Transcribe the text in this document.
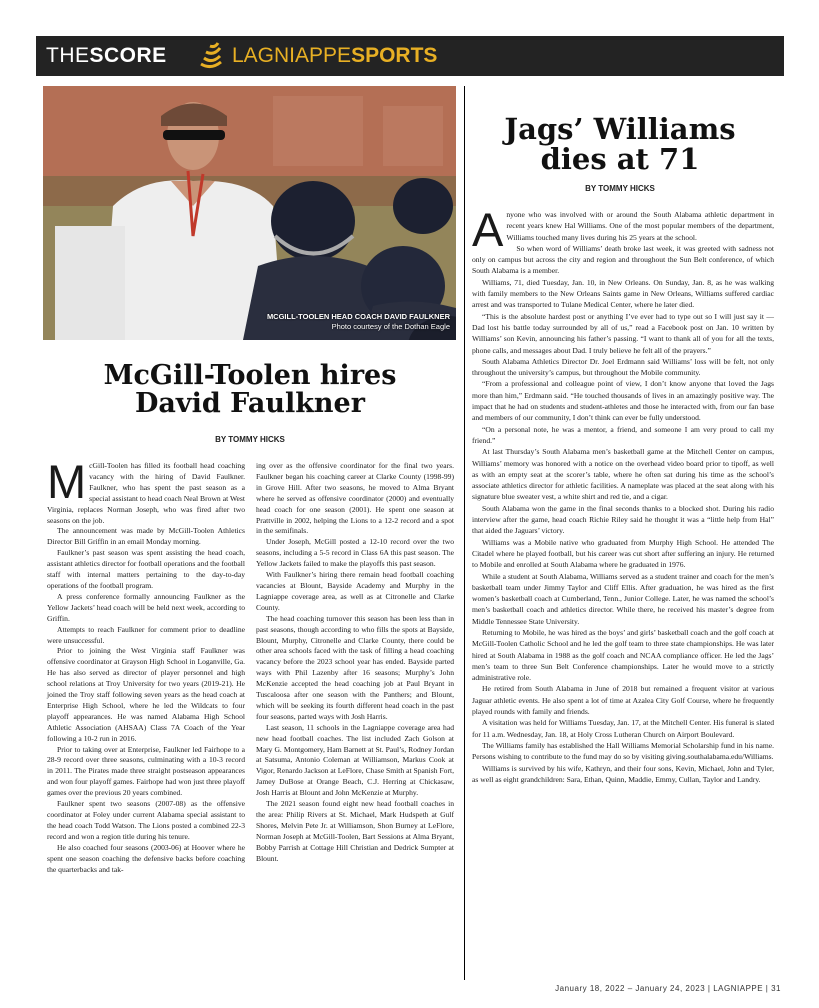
THESCORE	LAGNIAPPESPORTS
MCGILL-TOOLEN HEAD COACH DAVID FAULKNER
Photo courtesy of the Dothan Eagle
McGill-Toolen hires David Faulkner
BY TOMMY HICKS

McGill-Toolen has filled its football head coaching vacancy with the hiring of David Faulkner. Faulkner, who has spent the past season as a special assistant to head coach Neal Brown at West Virginia, replaces Norman Joseph, who was fired after two seasons on the job.

The announcement was made by McGill-Toolen Athletics Director Bill Griffin in an email Monday morning.

Faulkner’s past season was spent assisting the head coach, assistant athletics director for football operations and the football staff with internal matters pertaining to the day-to-day operations of the football program.

A press conference formally announcing Faulkner as the Yellow Jackets’ head coach will be held next week, according to Griffin.

Attempts to reach Faulkner for comment prior to deadline were unsuccessful.

Prior to joining the West Virginia staff Faulkner was offensive coordinator at Grayson High School in Loganville, Ga. He has also served as director of player personnel and high school relations at Troy University for two years (2019-21). He joined the Troy staff following seven years as the head coach at Enterprise High School, where he led the Wildcats to four playoff appearances. He was named Alabama High School Athletic Association (AHSAA) Class 7A Coach of the Year following a 10-2 run in 2016.

Prior to taking over at Enterprise, Faulkner led Fairhope to a 28-9 record over three seasons, culminating with a 10-3 record in 2011. The Pirates made three straight postseason appearances and won four playoff games. Fairhope had won just three playoff games over the previous 20 years combined.

Faulkner spent two seasons (2007-08) as the offensive coordinator at Foley under current Alabama special assistant to the head coach Todd Watson. The Lions posted a combined 22-3 record and won a region title during his tenure.

He also coached four seasons (2003-06) at Hoover where he spent one season coaching the defensive backs before coaching the quarterbacks and tak-

ing over as the offensive coordinator for the final two years. Faulkner began his coaching career at Clarke County (1998-99) in Grove Hill. After two seasons, he moved to Alma Bryant where he served as offensive coordinator (2000) and eventually head coach for one season (2001). He spent one season at Prattville in 2002, helping the Lions to a 12-2 record and a spot in the semifinals.

Under Joseph, McGill posted a 12-10 record over the two seasons, including a 5-5 record in Class 6A this past season. The Yellow Jackets failed to make the playoffs this past season.

With Faulkner’s hiring there remain head football coaching vacancies at Blount, Bayside Academy and Murphy in the Lagniappe coverage area, as well as at Citronelle and Clarke County.

The head coaching turnover this season has been less than in past seasons, though according to who fills the spots at Bayside, Blount, Murphy, Citronelle and Clarke County, there could be other area schools faced with the task of filling a head coaching vacancy before the 2023 school year has ended. Bayside parted ways with Phil Lazenby after 16 seasons; Murphy’s John McKenzie accepted the head coaching job at Paul Bryant in Tuscaloosa after one season with the Panthers; and Blount, which will be seeking its fourth different head coach in the past four seasons, parted ways with Josh Harris.

Last season, 11 schools in the Lagniappe coverage area had new head football coaches. The list included Zach Golson at Mary G. Montgomery, Ham Barnett at St. Paul’s, Rodney Jordan at Satsuma, Antonio Coleman at Williamson, Markus Cook at Vigor, Renardo Jackson at LeFlore, Chase Smith at Spanish Fort, Jamey DuBose at Orange Beach, C.J. Herring at Chickasaw, Josh Harris at Blount and John McKenzie at Murphy.

The 2021 season found eight new head football coaches in the area: Philip Rivers at St. Michael, Mark Hudspeth at Gulf Shores, Melvin Pete Jr. at Williamson, Shon Burney at LeFlore, Norman Joseph at McGill-Toolen, Bart Sessions at Alma Bryant, Bobby Parrish at Cottage Hill Christian and Dedrick Sumpter at Blount.

Jags’ Williams dies at 71
BY TOMMY HICKS

Anyone who was involved with or around the South Alabama athletic department in recent years knew Hal Williams. One of the most popular members of the department, Williams touched many lives during his 25 years at the school.

So when word of Williams’ death broke last week, it was greeted with sadness not only on campus but across the city and region and throughout the Sun Belt conference, of which South Alabama is a member.

Williams, 71, died Tuesday, Jan. 10, in New Orleans. On Sunday, Jan. 8, as he was walking with family members to the New Orleans Saints game in New Orleans, Williams suffered cardiac arrest and was transported to Tulane Medical Center, where he later died.

“This is the absolute hardest post or anything I’ve ever had to type out so I will just say it — Dad lost his battle today surrounded by all of us,” read a Facebook post on Jan. 10 written by Williams’ son Kevin, announcing his father’s passing. “I want to thank all of you for all the texts, phone calls, and messages about Dad. I truly believe he felt all of the prayers.”

South Alabama Athletics Director Dr. Joel Erdmann said Williams’ loss will be felt, not only throughout the university’s campus, but throughout the Mobile community.

“From a professional and colleague point of view, I don’t know anyone that loved the Jags more than him,” Erdmann said. “He touched thousands of lives in an amazingly positive way. The impact that he had on students and student-athletes and those he interacted with, from our fan base and members of our community, I don’t think can ever be fully understood.

“On a personal note, he was a mentor, a friend, and someone I am very proud to call my friend.”

At last Thursday’s South Alabama men’s basketball game at the Mitchell Center on campus, Williams’ memory was honored with a notice on the overhead video board prior to tipoff, as well as with an empty seat at the scorer’s table, where he often sat during his time as the school’s associate athletics director for athletic facilities. A nameplate was placed at the seat along with his signature blue sweater vest, a white shirt and red tie, and a cigar.

South Alabama won the game in the final seconds thanks to a blocked shot. During his radio interview after the game, head coach Richie Riley said he thought it was a “little help from Hal” that aided the Jaguars’ victory.

Williams was a Mobile native who graduated from Murphy High School. He attended The Citadel where he played football, but his career was cut short after suffering an injury. He returned to Mobile and enrolled at South Alabama where he graduated in 1976.

While a student at South Alabama, Williams served as a student trainer and coach for the men’s basketball team under Jimmy Taylor and Cliff Ellis. After graduation, he was hired as the first women’s basketball coach at Cumberland, Tenn., Junior College. Later, he was named the school’s men’s basketball coach and athletics director. While there, he received his master’s degree from Middle Tennessee State University.

Returning to Mobile, he was hired as the boys’ and girls’ basketball coach and the golf coach at McGill-Toolen Catholic School and he led the golf team to three state championships. He was later hired at South Alabama in 1988 as the golf coach and NCAA compliance officer. He led the Jags’ men’s team to three Sun Belt Conference championships. Later he would move to a strictly administrative role.

He retired from South Alabama in June of 2018 but remained a frequent visitor at various Jaguar athletic events. He also spent a lot of time at Azalea City Golf Course, where he frequently played rounds with family and friends.

A visitation was held for Williams Tuesday, Jan. 17, at the Mitchell Center. His funeral is slated for 11 a.m. Wednesday, Jan. 18, at Holy Cross Lutheran Church on Airport Boulevard.

The Williams family has established the Hall Williams Memorial Scholarship fund in his name. Persons wishing to contribute to the fund may do so by visiting giving.southalabama.edu/Williams.

Williams is survived by his wife, Kathryn, and their four sons, Kevin, Michael, John and Tyler, as well as eight grandchildren: Sara, Ethan, Quinn, Maddie, Emmy, Cullan, Taylor and Landry.

January 18, 2022 – January 24, 2023 | LAGNIAPPE | 31
